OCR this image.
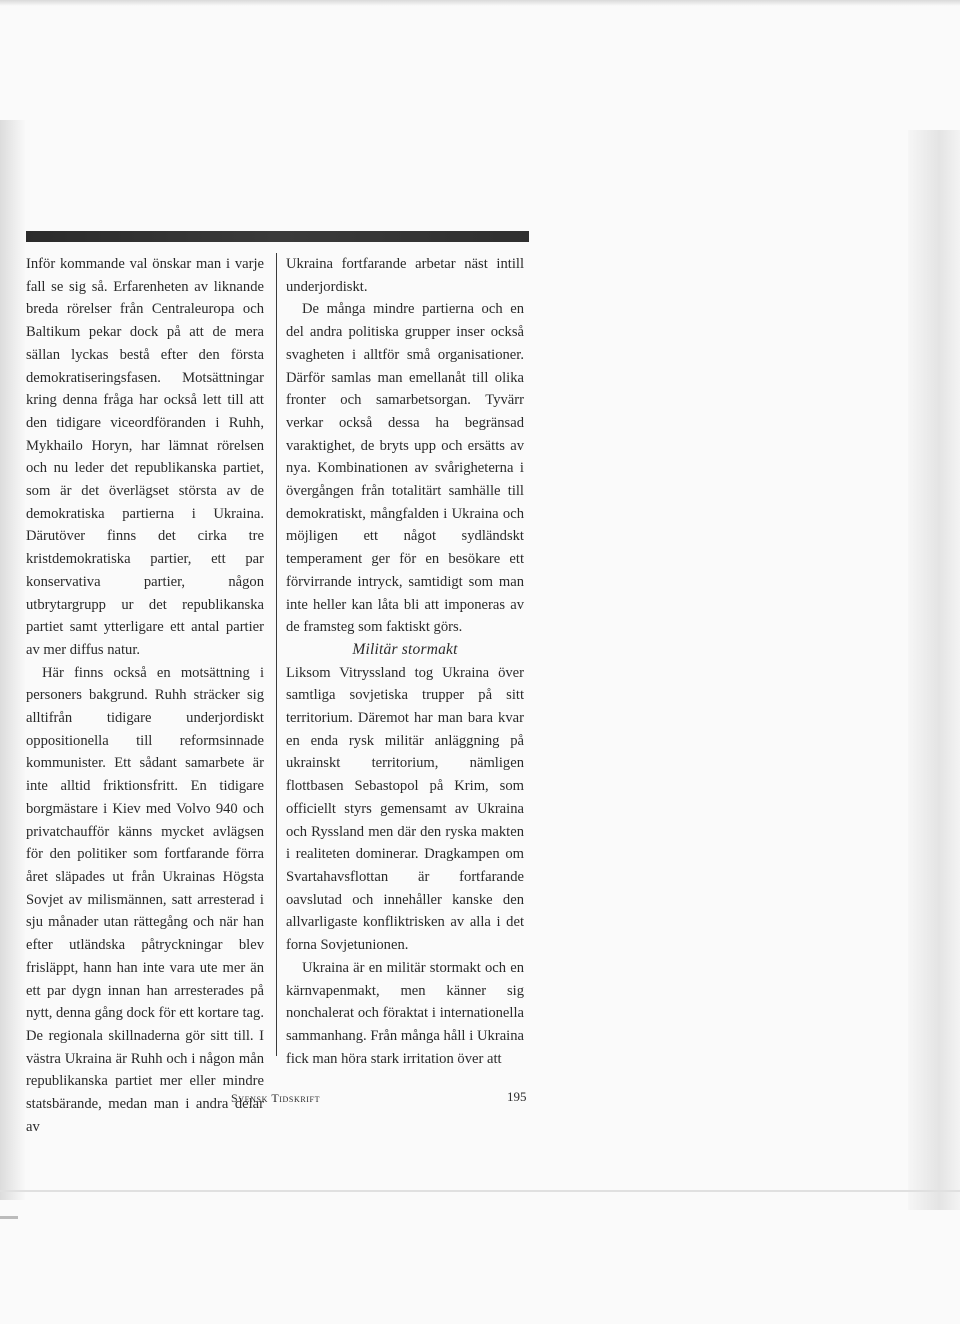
Inför kommande val önskar man i varje fall se sig så. Erfarenheten av liknande breda rörelser från Centraleuropa och Baltikum pekar dock på att de mera sällan lyckas bestå efter den första demokratiseringsfasen. Motsättningar kring denna fråga har också lett till att den tidigare viceordföranden i Ruhh, Mykhailo Horyn, har lämnat rörelsen och nu leder det republikanska partiet, som är det överlägset största av de demokratiska partierna i Ukraina. Därutöver finns det cirka tre kristdemokratiska partier, ett par konservativa partier, någon utbrytargrupp ur det republikanska partiet samt ytterligare ett antal partier av mer diffus natur.

Här finns också en motsättning i personers bakgrund. Ruhh sträcker sig alltifrån tidigare underjordiskt oppositionella till reformsinnade kommunister. Ett sådant samarbete är inte alltid friktionsfritt. En tidigare borgmästare i Kiev med Volvo 940 och privatchaufför känns mycket avlägsen för den politiker som fortfarande förra året släpades ut från Ukrainas Högsta Sovjet av milismännen, satt arresterad i sju månader utan rättegång och när han efter utländska påtryckningar blev frisläppt, hann han inte vara ute mer än ett par dygn innan han arresterades på nytt, denna gång dock för ett kortare tag. De regionala skillnaderna gör sitt till. I västra Ukraina är Ruhh och i någon mån republikanska partiet mer eller mindre statsbärande, medan man i andra delar av

Ukraina fortfarande arbetar näst intill underjordiskt.

De många mindre partierna och en del andra politiska grupper inser också svagheten i alltför små organisationer. Därför samlas man emellanåt till olika fronter och samarbetsorgan. Tyvärr verkar också dessa ha begränsad varaktighet, de bryts upp och ersätts av nya. Kombinationen av svårigheterna i övergången från totalitärt samhälle till demokratiskt, mångfalden i Ukraina och möjligen ett något sydländskt temperament ger för en besökare ett förvirrande intryck, samtidigt som man inte heller kan låta bli att imponeras av de framsteg som faktiskt görs.

Militär stormakt

Liksom Vitryssland tog Ukraina över samtliga sovjetiska trupper på sitt territorium. Däremot har man bara kvar en enda rysk militär anläggning på ukrainskt territorium, nämligen flottbasen Sebastopol på Krim, som officiellt styrs gemensamt av Ukraina och Ryssland men där den ryska makten i realiteten dominerar. Dragkampen om Svartahavsflottan är fortfarande oavslutad och innehåller kanske den allvarligaste konfliktrisken av alla i det forna Sovjetunionen.

Ukraina är en militär stormakt och en kärnvapenmakt, men känner sig nonchalerat och föraktat i internationella sammanhang. Från många håll i Ukraina fick man höra stark irritation över att

Svensk Tidskrift	195
